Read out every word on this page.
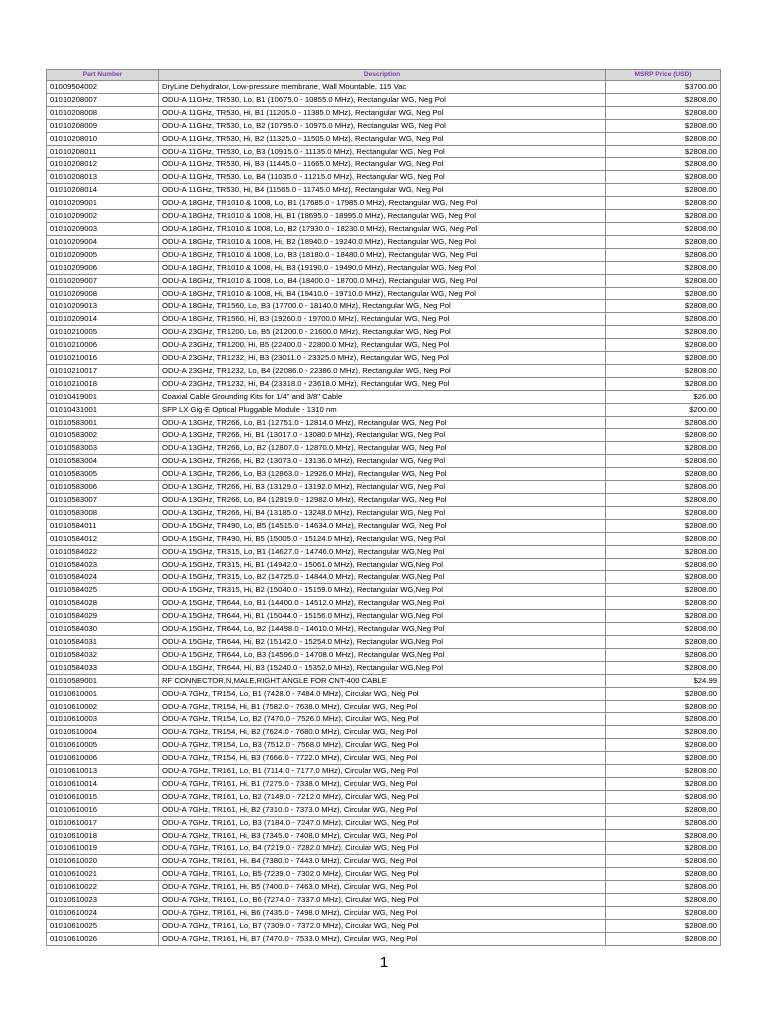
Part Number	Description	MSRP Price (USD)
01009504002	DryLine Dehydrator, Low-pressure membrane, Wall Mountable, 115 Vac	$3700.00
01010208007	ODU-A 11GHz, TR530, Lo, B1 (10675.0 - 10855.0 MHz), Rectangular WG, Neg Pol	$2808.00
01010208008	ODU-A 11GHz, TR530, Hi, B1 (11205.0 - 11385.0 MHz), Rectangular WG, Neg Pol	$2808.00
01010208009	ODU-A 11GHz, TR530, Lo, B2 (10795.0 - 10975.0 MHz), Rectangular WG, Neg Pol	$2808.00
01010208010	ODU-A 11GHz, TR530, Hi, B2 (11325.0 - 11505.0 MHz), Rectangular WG, Neg Pol	$2808.00
01010208011	ODU-A 11GHz, TR530, Lo, B3 (10915.0 - 11135.0 MHz), Rectangular WG, Neg Pol	$2808.00
01010208012	ODU-A 11GHz, TR530, Hi, B3 (11445.0 - 11665.0 MHz), Rectangular WG, Neg Pol	$2808.00
01010208013	ODU-A 11GHz, TR530, Lo, B4 (11035.0 - 11215.0 MHz), Rectangular WG, Neg Pol	$2808.00
01010208014	ODU-A 11GHz, TR530, Hi, B4 (11565.0 - 11745.0 MHz), Rectangular WG, Neg Pol	$2808.00
01010209001	ODU-A 18GHz, TR1010 & 1008, Lo, B1 (17685.0 - 17985.0 MHz), Rectangular WG, Neg Pol	$2808.00
01010209002	ODU-A 18GHz, TR1010 & 1008, Hi, B1 (18695.0 - 18995.0 MHz), Rectangular WG, Neg Pol	$2808.00
01010209003	ODU-A 18GHz, TR1010 & 1008, Lo, B2 (17930.0 - 18230.0 MHz), Rectangular WG, Neg Pol	$2808.00
01010209004	ODU-A 18GHz, TR1010 & 1008, Hi, B2 (18940.0 - 19240.0 MHz), Rectangular WG, Neg Pol	$2808.00
01010209005	ODU-A 18GHz, TR1010 & 1008, Lo, B3 (18180.0 - 18480.0 MHz), Rectangular WG, Neg Pol	$2808.00
01010209006	ODU-A 18GHz, TR1010 & 1008, Hi, B3 (19190.0 - 19490.0 MHz), Rectangular WG, Neg Pol	$2808.00
01010209007	ODU-A 18GHz, TR1010 & 1008, Lo, B4 (18400.0 - 18700.0 MHz), Rectangular WG, Neg Pol	$2808.00
01010209008	ODU-A 18GHz, TR1010 & 1008, Hi, B4 (19410.0 - 19710.0 MHz), Rectangular WG, Neg Pol	$2808.00
01010209013	ODU-A 18GHz, TR1560, Lo, B3 (17700.0 - 18140.0 MHz), Rectangular WG, Neg Pol	$2808.00
01010209014	ODU-A 18GHz, TR1560, Hi, B3 (19260.0 - 19700.0 MHz), Rectangular WG, Neg Pol	$2808.00
01010210005	ODU-A 23GHz, TR1200, Lo, B5 (21200.0 - 21600.0 MHz), Rectangular WG, Neg Pol	$2808.00
01010210006	ODU-A 23GHz, TR1200, Hi, B5 (22400.0 - 22800.0 MHz), Rectangular WG, Neg Pol	$2808.00
01010210016	ODU-A 23GHz, TR1232, Hi, B3 (23011.0 - 23325.0 MHz), Rectangular WG, Neg Pol	$2808.00
01010210017	ODU-A 23GHz, TR1232, Lo, B4 (22086.0 - 22386.0 MHz), Rectangular WG, Neg Pol	$2808.00
01010210018	ODU-A 23GHz, TR1232, Hi, B4 (23318.0 - 23618.0 MHz), Rectangular WG, Neg Pol	$2808.00
01010419001	Coaxial Cable Grounding Kits for 1/4" and 3/8" Cable	$26.00
01010431001	SFP LX Gig-E Optical Pluggable Module - 1310 nm	$200.00
01010583001	ODU-A 13GHz, TR266, Lo, B1 (12751.0 - 12814.0 MHz), Rectangular WG, Neg Pol	$2808.00
01010583002	ODU-A 13GHz, TR266, Hi, B1 (13017.0 - 13080.0 MHz), Rectangular WG, Neg Pol	$2808.00
01010583003	ODU-A 13GHz, TR266, Lo, B2 (12807.0 - 12870.0 MHz), Rectangular WG, Neg Pol	$2808.00
01010583004	ODU-A 13GHz, TR266, Hi, B2 (13073.0 - 13136.0 MHz), Rectangular WG, Neg Pol	$2808.00
01010583005	ODU-A 13GHz, TR266, Lo, B3 (12863.0 - 12926.0 MHz), Rectangular WG, Neg Pol	$2808.00
01010583006	ODU-A 13GHz, TR266, Hi, B3 (13129.0 - 13192.0 MHz), Rectangular WG, Neg Pol	$2808.00
01010583007	ODU-A 13GHz, TR266, Lo, B4 (12919.0 - 12982.0 MHz), Rectangular WG, Neg Pol	$2808.00
01010583008	ODU-A 13GHz, TR266, Hi, B4 (13185.0 - 13248.0 MHz), Rectangular WG, Neg Pol	$2808.00
01010584011	ODU-A 15GHz, TR490, Lo, B5 (14515.0 - 14634.0 MHz), Rectangular WG, Neg Pol	$2808.00
01010584012	ODU-A 15GHz, TR490, Hi, B5 (15005.0 - 15124.0 MHz), Rectangular WG, Neg Pol	$2808.00
01010584022	ODU-A 15GHz, TR315, Lo, B1 (14627.0 - 14746.0 MHz), Rectangular WG,Neg Pol	$2808.00
01010584023	ODU-A 15GHz, TR315, Hi, B1 (14942.0 - 15061.0 MHz), Rectangular WG,Neg Pol	$2808.00
01010584024	ODU-A 15GHz, TR315, Lo, B2 (14725.0 - 14844.0 MHz), Rectangular WG,Neg Pol	$2808.00
01010584025	ODU-A 15GHz, TR315, Hi, B2 (15040.0 - 15159.0 MHz), Rectangular WG,Neg Pol	$2808.00
01010584028	ODU-A 15GHz, TR644, Lo, B1 (14400.0 - 14512.0 MHz), Rectangular WG,Neg Pol	$2808.00
01010584029	ODU-A 15GHz, TR644, Hi, B1 (15044.0 - 15156.0 MHz), Rectangular WG,Neg Pol	$2808.00
01010584030	ODU-A 15GHz, TR644, Lo, B2 (14498.0 - 14610.0 MHz), Rectangular WG,Neg Pol	$2808.00
01010584031	ODU-A 15GHz, TR644, Hi, B2 (15142.0 - 15254.0 MHz), Rectangular WG,Neg Pol	$2808.00
01010584032	ODU-A 15GHz, TR644, Lo, B3 (14596.0 - 14708.0 MHz), Rectangular WG,Neg Pol	$2808.00
01010584033	ODU-A 15GHz, TR644, Hi, B3 (15240.0 - 15352.0 MHz), Rectangular WG,Neg Pol	$2808.00
01010589001	RF CONNECTOR,N,MALE,RIGHT ANGLE FOR CNT-400 CABLE	$24.99
01010610001	ODU-A 7GHz, TR154, Lo, B1 (7428.0 - 7484.0 MHz), Circular WG, Neg Pol	$2808.00
01010610002	ODU-A 7GHz, TR154, Hi, B1 (7582.0 - 7638.0 MHz), Circular WG, Neg Pol	$2808.00
01010610003	ODU-A 7GHz, TR154, Lo, B2 (7470.0 - 7526.0 MHz), Circular WG, Neg Pol	$2808.00
01010610004	ODU-A 7GHz, TR154, Hi, B2 (7624.0 - 7680.0 MHz), Circular WG, Neg Pol	$2808.00
01010610005	ODU-A 7GHz, TR154, Lo, B3 (7512.0 - 7568.0 MHz), Circular WG, Neg Pol	$2808.00
01010610006	ODU-A 7GHz, TR154, Hi, B3 (7666.0 - 7722.0 MHz), Circular WG, Neg Pol	$2808.00
01010610013	ODU-A 7GHz, TR161, Lo, B1 (7114.0 - 7177.0 MHz), Circular WG, Neg Pol	$2808.00
01010610014	ODU-A 7GHz, TR161, Hi, B1 (7275.0 - 7338.0 MHz), Circular WG, Neg Pol	$2808.00
01010610015	ODU-A 7GHz, TR161, Lo, B2 (7149.0 - 7212.0 MHz), Circular WG, Neg Pol	$2808.00
01010610016	ODU-A 7GHz, TR161, Hi, B2 (7310.0 - 7373.0 MHz), Circular WG, Neg Pol	$2808.00
01010610017	ODU-A 7GHz, TR161, Lo, B3 (7184.0 - 7247.0 MHz), Circular WG, Neg Pol	$2808.00
01010610018	ODU-A 7GHz, TR161, Hi, B3 (7345.0 - 7408.0 MHz), Circular WG, Neg Pol	$2808.00
01010610019	ODU-A 7GHz, TR161, Lo, B4 (7219.0 - 7282.0 MHz), Circular WG, Neg Pol	$2808.00
01010610020	ODU-A 7GHz, TR161, Hi, B4 (7380.0 - 7443.0 MHz), Circular WG, Neg Pol	$2808.00
01010610021	ODU-A 7GHz, TR161, Lo, B5 (7239.0 - 7302.0 MHz), Circular WG, Neg Pol	$2808.00
01010610022	ODU-A 7GHz, TR161, Hi, B5 (7400.0 - 7463.0 MHz), Circular WG, Neg Pol	$2808.00
01010610023	ODU-A 7GHz, TR161, Lo, B6 (7274.0 - 7337.0 MHz), Circular WG, Neg Pol	$2808.00
01010610024	ODU-A 7GHz, TR161, Hi, B6 (7435.0 - 7498.0 MHz), Circular WG, Neg Pol	$2808.00
01010610025	ODU-A 7GHz, TR161, Lo, B7 (7309.0 - 7372.0 MHz), Circular WG, Neg Pol	$2808.00
01010610026	ODU-A 7GHz, TR161, Hi, B7 (7470.0 - 7533.0 MHz), Circular WG, Neg Pol	$2808.00
1
